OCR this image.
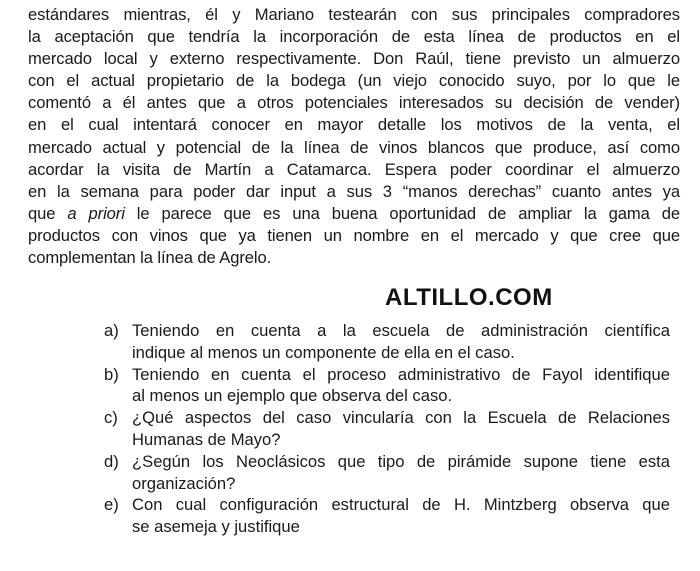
estándares mientras, él y Mariano testearán con sus principales compradores
la aceptación que tendría la incorporación de esta línea de productos en el
mercado local y externo respectivamente. Don Raúl, tiene previsto un almuerzo
con el actual propietario de la bodega (un viejo conocido suyo, por lo que le
comentó a él antes que a otros potenciales interesados su decisión de vender)
en el cual intentará conocer en mayor detalle los motivos de la venta, el
mercado actual y potencial de la línea de vinos blancos que produce, así como
acordar la visita de Martín a Catamarca. Espera poder coordinar el almuerzo
en la semana para poder dar input a sus 3 “manos derechas” cuanto antes ya
que a priori le parece que es una buena oportunidad de ampliar la gama de
productos con vinos que ya tienen un nombre en el mercado y que cree que
complementan la línea de Agrelo.
ALTILLO.COM
a) Teniendo en cuenta a la escuela de administración científica
indique al menos un componente de ella en el caso.
b) Teniendo en cuenta el proceso administrativo de Fayol identifique
al menos un ejemplo que observa del caso.
c) ¿Qué aspectos del caso vincularía con la Escuela de Relaciones
Humanas de Mayo?
d) ¿Según los Neoclásicos que tipo de pirámide supone tiene esta
organización?
e) Con cual configuración estructural de H. Mintzberg observa que
se asemeja y justifique
